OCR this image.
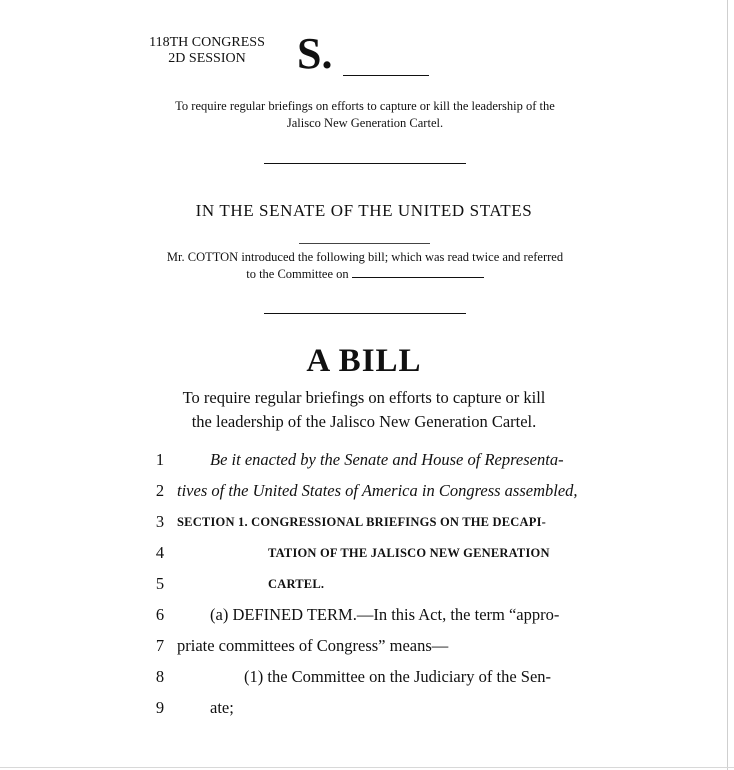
118TH CONGRESS
2D SESSION	S.
To require regular briefings on efforts to capture or kill the leadership of the Jalisco New Generation Cartel.
IN THE SENATE OF THE UNITED STATES
Mr. COTTON introduced the following bill; which was read twice and referred
to the Committee on
A BILL
To require regular briefings on efforts to capture or kill
the leadership of the Jalisco New Generation Cartel.
1
2
3
4
5
6
7
8
9
Be it enacted by the Senate and House of Representa-
tives of the United States of America in Congress assembled,
SECTION 1. CONGRESSIONAL BRIEFINGS ON THE DECAPI-
TATION OF THE JALISCO NEW GENERATION
CARTEL.
(a) DEFINED TERM.—In this Act, the term “appro-
priate committees of Congress” means—
(1) the Committee on the Judiciary of the Sen-
ate;
